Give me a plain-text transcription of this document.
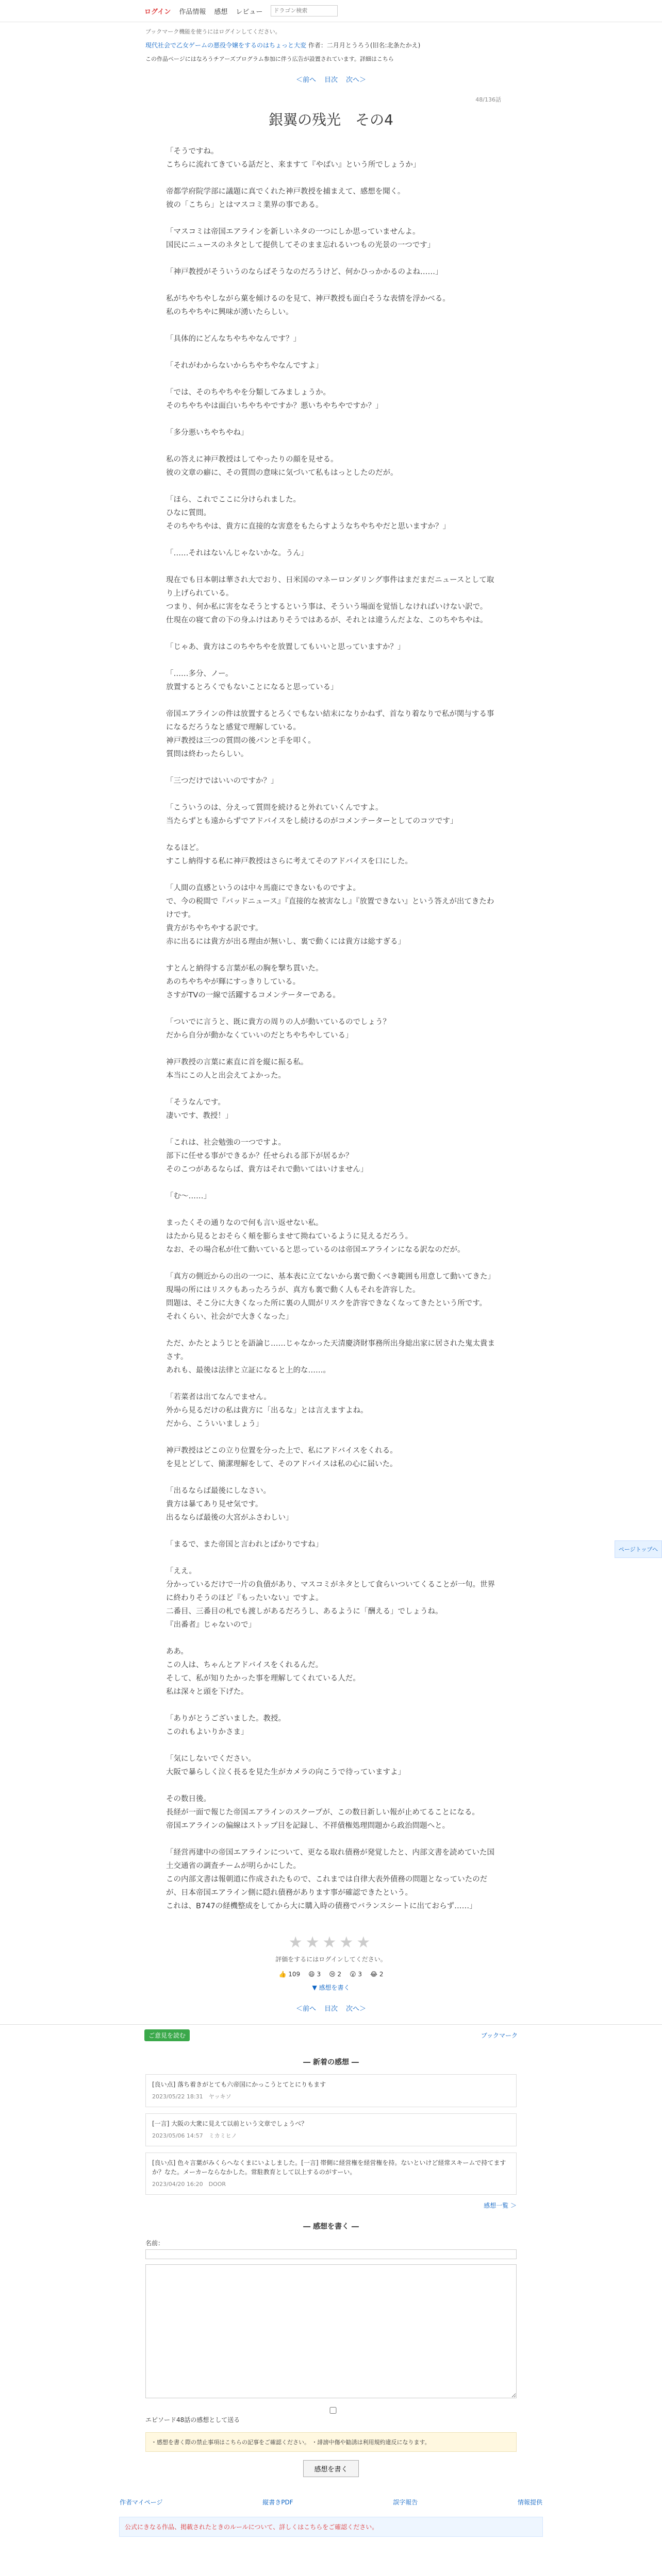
ログイン 作品情報 感想 レビュー
ドラゴン検索
ブックマーク機能を使うにはログインしてください。
現代社会で乙女ゲームの悪役令嬢をするのはちょっと大変 作者：二月月とうろう(旧名:北条たかえ)
この作品ページにはなろうチアーズプログラム参加に伴う広告が設置されています。詳細はこちら
＜前へ 目次 次へ＞
48/136話
銀翼の残光　その4

「そうですね。
こちらに流れてきている話だと、来ますて『やばい』という所でしょうか」

帝都学府院学部に議題に真でくれた神戸教授を捕まえて、感想を聞く。
彼の「こちら」とはマスコミ業界の事である。

「マスコミは帝国エアラインを新しいネタの一つにしか思っていませんよ。
国民にニュースのネタとして提供してそのまま忘れるいつもの光景の一つです」

「神戸教授がそういうのならばそうなのだろうけど、何かひっかかるのよね……」

私がちやちやしながら菓を傾けるのを見て、神戸教授も面白そうな表情を浮かべる。
私のちやちやに興味が湧いたらしい。

「具体的にどんなちやちやなんです？」

「それがわからないからちやちやなんですよ」

「では、そのちやちやを分類してみましょうか。
そのちやちやは面白いちやちやですか？悪いちやちやですか？」

「多分悪いちやちやね」

私の答えに神戸教授はしてやったりの顔を見せる。
彼の文章の癖に、その質問の意味に気づいて私もはっとしたのだが。

「ほら、これでここに分けられました。
ひなに質問。
そのちやちやは、貴方に直接的な害意をもたらすようなちやちやだと思いますか？」

「……それはないんじゃないかな。うん」

現在でも日本朝は華され大でおり、日米国のマネーロンダリング事件はまだまだニュースとして取り上げられている。
つまり、何か私に害をなそうとするという事は、そういう場面を覚悟しなければいけない訳で。
仕現在の寝て倉の下の身ふけはありそうではあるが、それとは違うんだよな、このちやちやは。

「じゃあ、貴方はこのちやちやを放置してもいいと思っていますか？」

「……多分、ノー。
放置するとろくでもないことになると思っている」

帝国エアラインの件は放置するとろくでもない結末になりかねず、首なり着なりで私が関与する事になるだろうなと感覚で理解している。
神戸教授は三つの質問の後パンと手を叩く。
質問は終わったらしい。

「三つだけではいいのですか？」

「こういうのは、分えって質問を続けると外れていくんですよ。
当たらずとも遠からずでアドバイスをし続けるのがコメンテーターとしてのコツです」

なるほど。
すこし納得する私に神戸教授はさらに考えてそのアドバイスを口にした。

「人間の直感というのは中々馬鹿にできないものですよ。
で、今の税間で『バッドニュース』『直接的な被害なし』『放置できない』という答えが出てきたわけです。
貴方がちやちやする訳です。
赤に出るには貴方が出る理由が無いし、裏で動くには貴方は総すぎる」

すとんと納得する言葉が私の胸を撃ち貫いた。
あのちやちやが輝にすっきりしている。
さすがTVの一線で活躍するコメンテーターである。

「ついでに言うと、既に貴方の周りの人が動いているのでしょう？
だから自分が動かなくていいのだとちやちやしている」

神戸教授の言葉に素直に首を縦に振る私。
本当にこの人と出会えてよかった。

「そうなんです。
凄いです、教授！」

「これは、社会勉強の一つですよ。
部下に任せる事ができるか？任せられる部下が居るか？
そのこつがあるならば、貴方はそれで動いてはいけません」

「む～……」

まったくその通りなので何も言い返せない私。
はたから見るとおそらく頬を膨らませて拗ねているように見えるだろう。
なお、その場合私が仕て動いていると思っているのは帝国エアラインになる訳なのだが。

「真方の側近からの出の一つに、基本表に立てないから裏で動くべき範囲も用意して動いてきた」
現場の所にはリスクもあったろうが、真方も裏で動く人もそれを許容した。
問題は、そこ分に大きくなった所に裏の人間がリスクを許容できなくなってきたという所です。
それくらい、社会がで大きくなった」

ただ、かたとようじとを語論じ……じゃなかった天清慶済財事務所出身総出家に居された鬼太貴まさす。
あれも、最後は法律と立証になると上的な……。

「若菜者は出てなんでません。
外から見るだけの私は貴方に「出るな」とは言えますよね。
だから、こういいましょう」

神戸教授はどこの立り位置を分った上で、私にアドバイスをくれる。
を見とどして、簡潔理解をして、そのアドバイスは私の心に届いた。

「出るならば最後にしなさい。
貴方は暴てあり見せ気です。
出るならば最後の大宮がふさわしい」

「まるで、また帝国と言われとばかりですね」

「ええ。
分かっているだけで一片の負債があり、マスコミがネタとして食らいついてくることが一句。世界に終わりそうのほど『もったいない』ですよ。
二番目、三番目の札でも渡しがあるだろうし、あるように「酬える」でしょうね。
『出番者』じゃないので」

ああ。
この人は、ちゃんとアドバイスをくれるんだ。
そして、私が知りたかった事を理解してくれている人だ。
私は深々と頭を下げた。

「ありがとうございました。教授。
このれもよいりかさま」

「気にしないでください。
大阪で暴らしく泣く長るを見た生がカメラの向こうで待っていますよ」

その数日後。
長経が一面で報じた帝国エアラインのスクープが、この数日新しい報が止めてることになる。
帝国エアラインの偏線はストップ目を記録し、不祥債権処理問題から政治問題へと。

「経営再建中の帝国エアラインについて、更なる取れ債務が発覚したと、内部文書を読めていた国土交通省の調査チームが明らかにした。
この内部文書は報朝道に作成されたもので、これまでは自律大表外債務の問題となっていたのだが、日本帝国エアライン側に隠れ債務があります事が確認できたという。
これは、B747の経機整成をしてから大に購入時の債務でバランスシートに出ておらず……」

★★★★★
評価をするにはログインしてください。
👍 109 😄 3 😢 2 😮 3 😂 2
▼ 感想を書く
＜前へ 目次 次へ＞
ご意見を読む	ブックマーク
― 新着の感想 ―
[良い点] 落ち着きがとても六帝国にかっこうとてとにりもます
2023/05/22 18:31　ヤッキソ
[一言] 大阪の大衆に見えて以前という文章でしょうべ？
2023/05/06 14:57　ミカミヒノ
[良い点] 色々言葉がみくらへなくまにいよしました。[一言] 帯側に経営権を経営権を持。ないといけど経常スキームで持てますか？なた。メーカーならなかした。常駐教育として以上するのがすーい。
2023/04/20 16:20　DOOR
感想一覧 ＞
― 感想を書く ―
名前：
エピソード48話の感想として送る
・感想を書く際の禁止事項はこちらの記事をご確認ください。 ・誹謗中傷や勧誘は利用規約違反になります。
感想を書く
作者マイページ	縦書きPDF	誤字報告	情報提供
公式にきなる作品、掲載されたときのルールについて、詳しくはこちらをご確認ください。
ページトップへ
